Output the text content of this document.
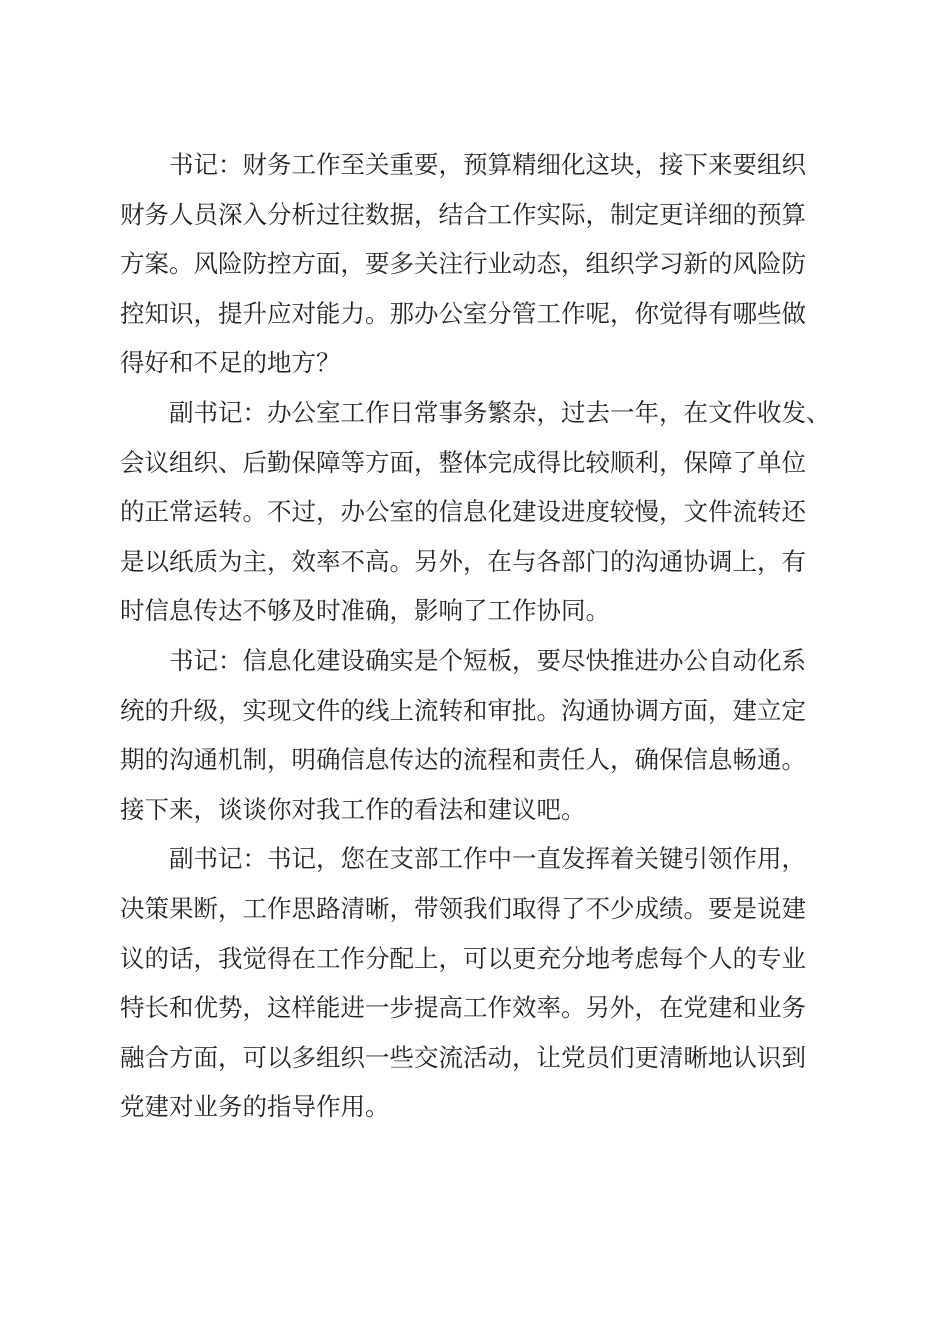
书记：财务工作至关重要，预算精细化这块，接下来要组织
财务人员深入分析过往数据，结合工作实际，制定更详细的预算
方案。风险防控方面，要多关注行业动态，组织学习新的风险防
控知识，提升应对能力。那办公室分管工作呢，你觉得有哪些做
得好和不足的地方？
副书记：办公室工作日常事务繁杂，过去一年，在文件收发、
会议组织、后勤保障等方面，整体完成得比较顺利，保障了单位
的正常运转。不过，办公室的信息化建设进度较慢，文件流转还
是以纸质为主，效率不高。另外，在与各部门的沟通协调上，有
时信息传达不够及时准确，影响了工作协同。
书记：信息化建设确实是个短板，要尽快推进办公自动化系
统的升级，实现文件的线上流转和审批。沟通协调方面，建立定
期的沟通机制，明确信息传达的流程和责任人，确保信息畅通。
接下来，谈谈你对我工作的看法和建议吧。
副书记：书记，您在支部工作中一直发挥着关键引领作用，
决策果断，工作思路清晰，带领我们取得了不少成绩。要是说建
议的话，我觉得在工作分配上，可以更充分地考虑每个人的专业
特长和优势，这样能进一步提高工作效率。另外，在党建和业务
融合方面，可以多组织一些交流活动，让党员们更清晰地认识到
党建对业务的指导作用。
